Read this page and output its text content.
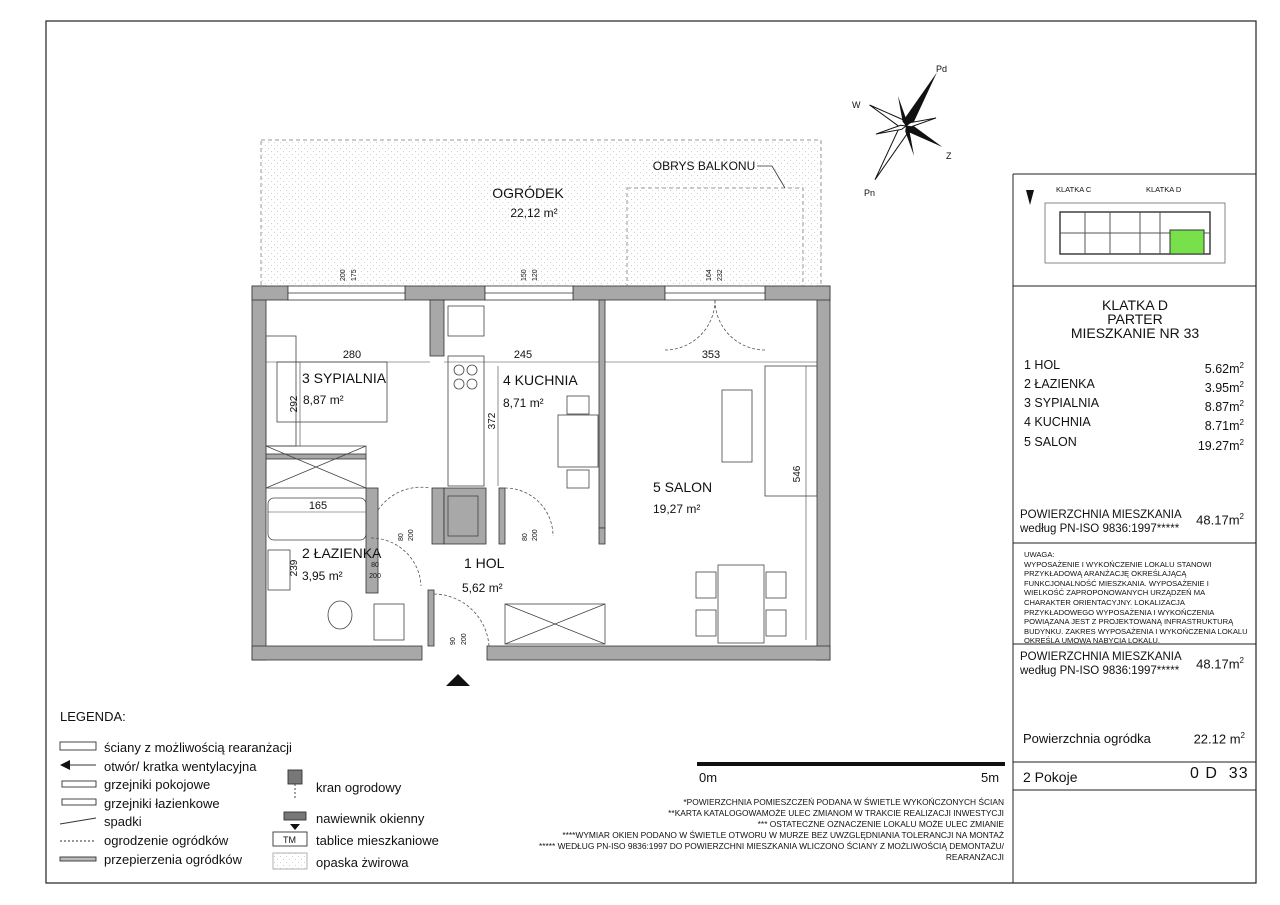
OGRÓDEK
22,12 m²
OBRYS BALKONU
Pd
Z
Pn
W
280	245	353
165
292
372
546
239
200 175	150 120	164 232
80 200	80 200
90 200
80
200
3 SYPIALNIA
8,87 m²
4 KUCHNIA
8,71 m²
5 SALON
19,27 m²
2 ŁAZIENKA
3,95 m²
1 HOL
5,62 m²
0m	5m
KLATKA C	KLATKA D
TM
KLATKA D
PARTER
MIESZKANIE NR 33
1 HOL	$5.62m^2$
2 ŁAZIENKA	$3.95m^2$
3 SYPIALNIA	$8.87m^2$
4 KUCHNIA	$8.71m^2$
5 SALON	$19.27m^2$
POWIERZCHNIA MIESZKANIA
według PN-ISO 9836:1997*****
$48.17m^2$
UWAGA:
WYPOSAŻENIE I WYKOŃCZENIE LOKALU STANOWI PRZYKŁADOWĄ ARANŻACJĘ OKREŚLAJĄCĄ FUNKCJONALNOŚĆ MIESZKANIA. WYPOSAŻENIE I WIELKOŚĆ ZAPROPONOWANYCH URZĄDZEŃ MA CHARAKTER ORIENTACYJNY. LOKALIZACJA PRZYKŁADOWEGO WYPOSAŻENIA I WYKOŃCZENIA POWIĄZANA JEST Z PROJEKTOWANĄ INFRASTRUKTURĄ BUDYNKU. ZAKRES WYPOSAŻENIA I WYKOŃCZENIA LOKALU OKREŚLA UMOWA NABYCIA LOKALU.
POWIERZCHNIA MIESZKANIA
według PN-ISO 9836:1997***** $48.17m^2$
Powierzchnia ogródka	22.12 $m^2$
2 Pokoje	0 D  33
LEGENDA:
ściany z możliwością rearanżacji
otwór/ kratka wentylacyjna
grzejniki pokojowe
grzejniki łazienkowe
spadki
ogrodzenie ogródków
przepierzenia ogródków
kran ogrodowy
nawiewnik okienny
tablice mieszkaniowe
opaska żwirowa
*POWIERZCHNIA POMIESZCZEŃ PODANA W ŚWIETLE WYKOŃCZONYCH ŚCIAN
**KARTA KATALOGOWAMOŻE ULEC ZMIANOM W TRAKCIE REALIZACJI INWESTYCJI
*** OSTATECZNE OZNACZENIE LOKALU MOŻE ULEC ZMIANIE
****WYMIAR OKIEN PODANO W ŚWIETLE OTWORU W MURZE BEZ UWZGLĘDNIANIA TOLERANCJI NA MONTAŻ
***** WEDŁUG PN-ISO 9836:1997 DO POWIERZCHNI MIESZKANIA WLICZONO ŚCIANY Z MOŻLIWOŚCIĄ DEMONTAŻU/
REARANŻACJI
